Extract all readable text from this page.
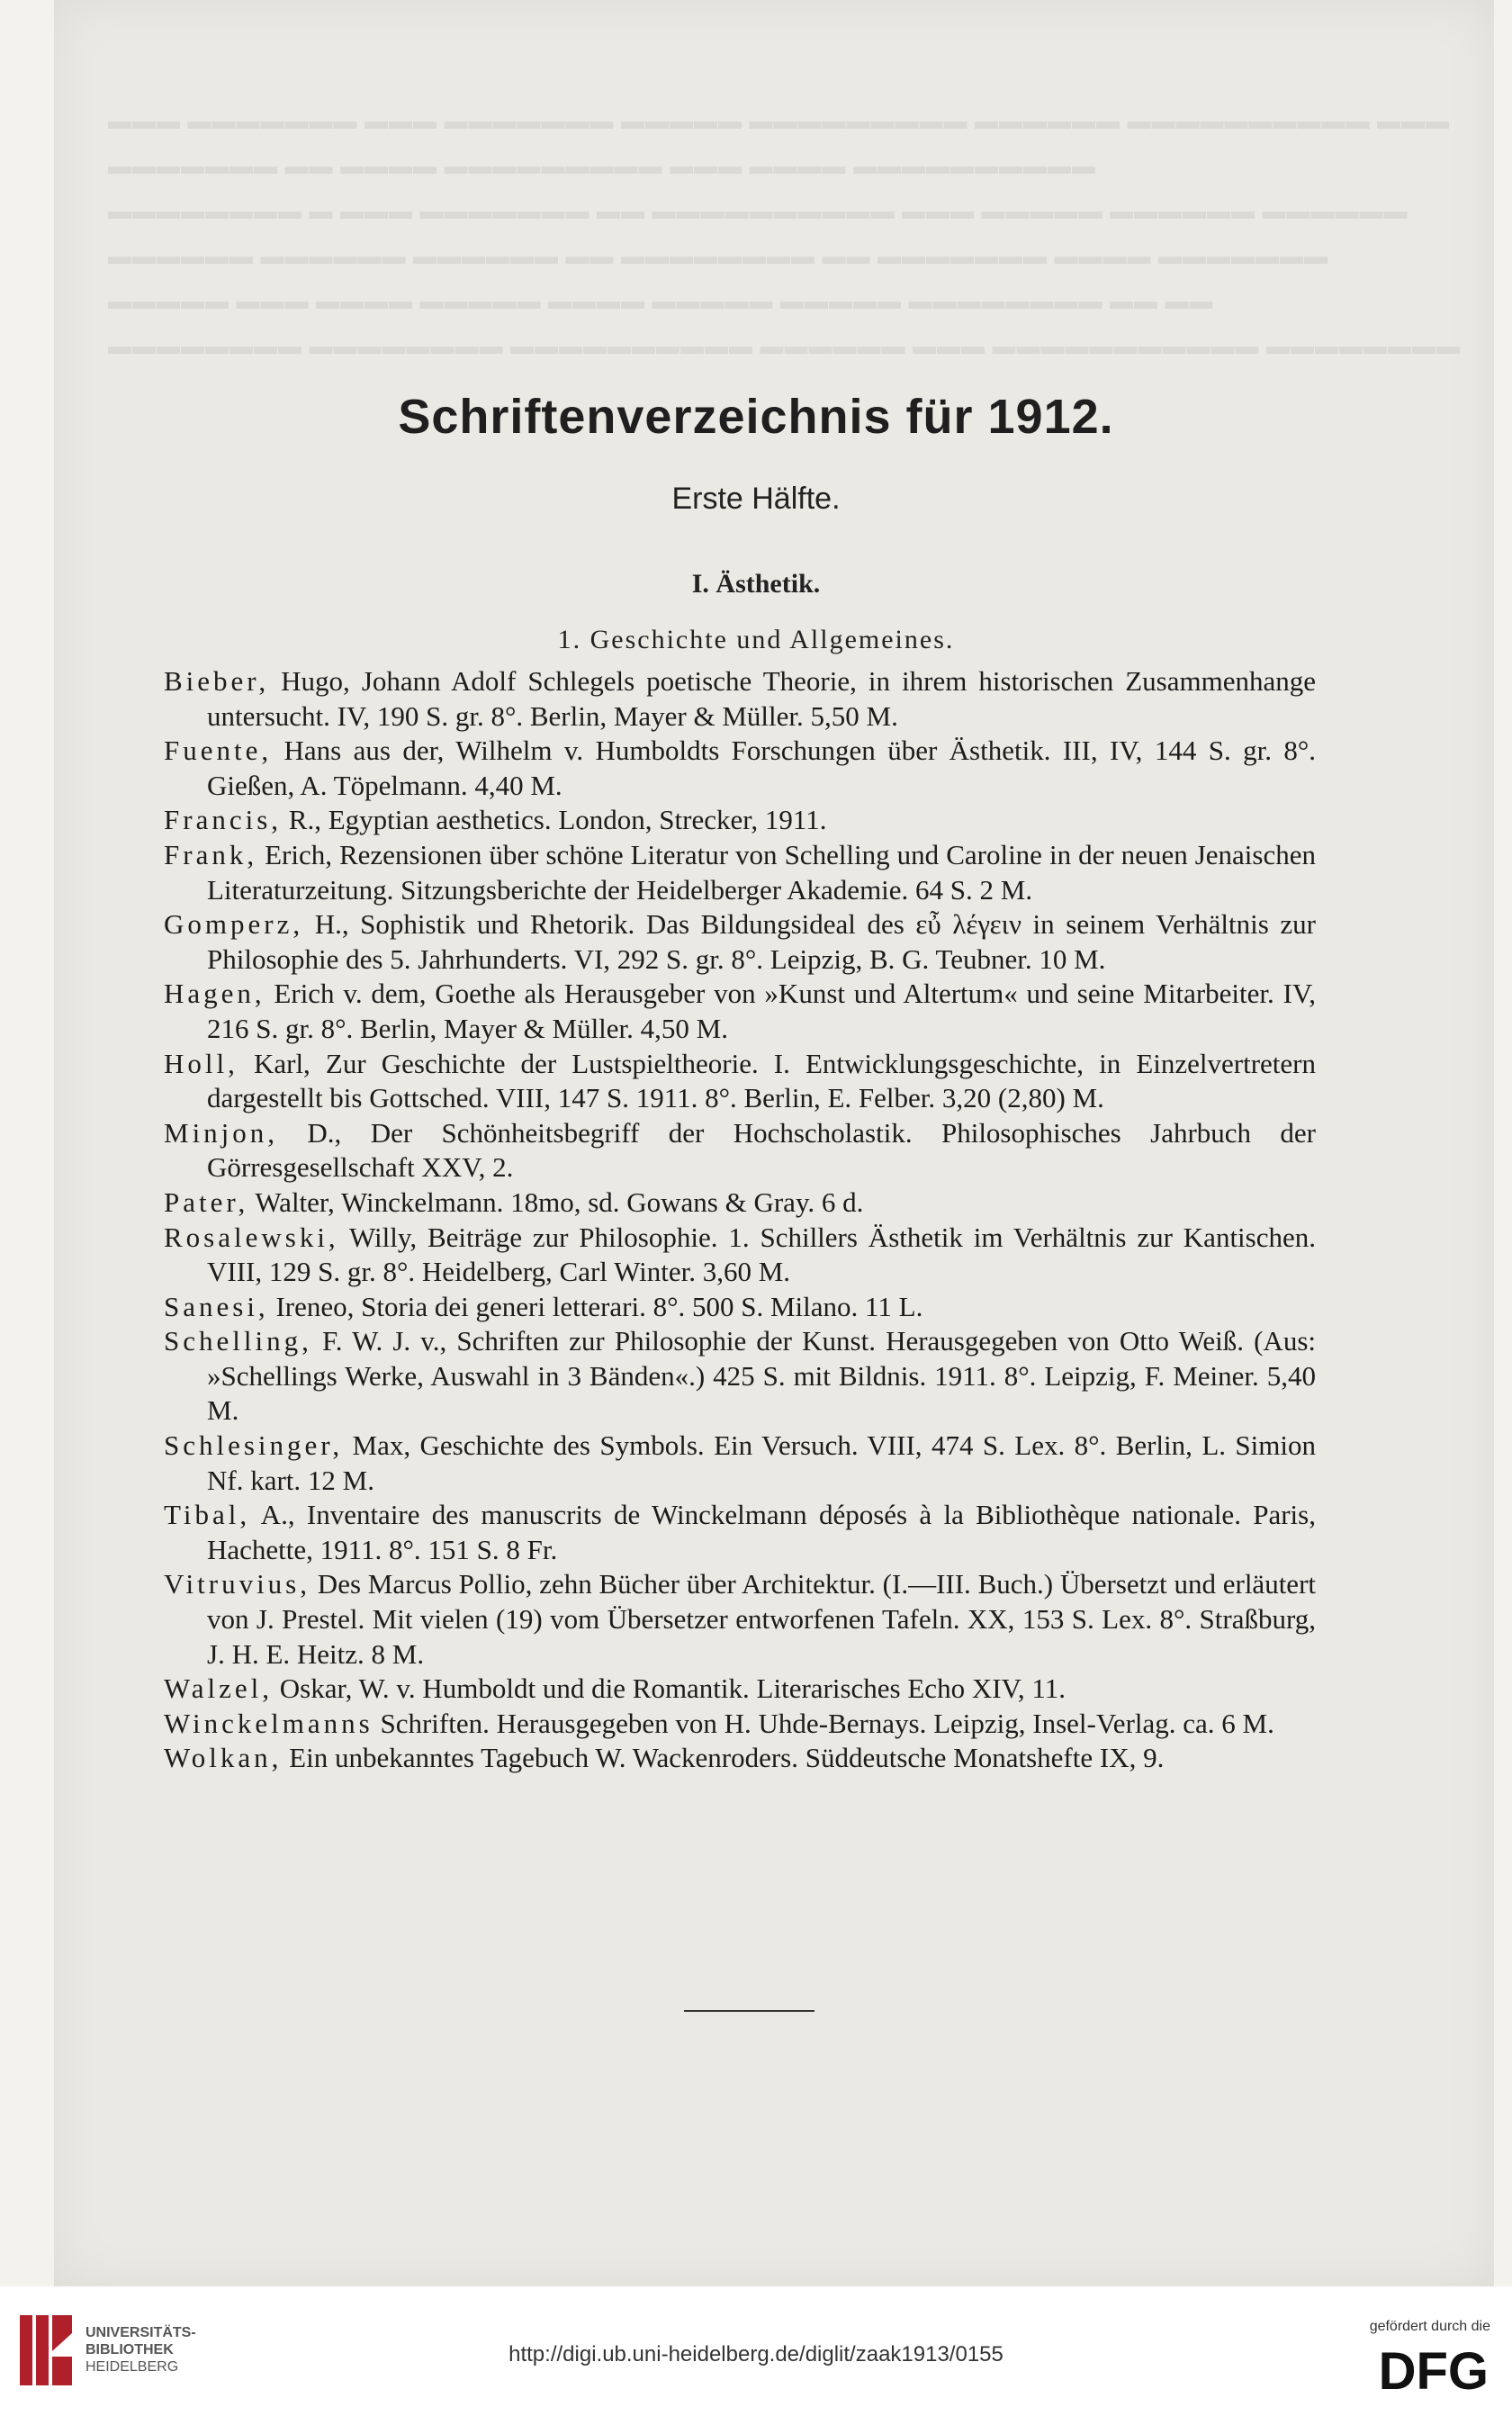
▬▬▬ ▬▬▬▬▬▬▬ ▬▬▬ ▬▬▬▬▬▬▬ ▬▬▬▬▬ ▬▬▬▬▬▬▬▬▬ ▬▬▬▬▬▬ ▬▬▬▬▬▬▬▬▬▬ ▬▬▬
▬▬▬▬▬▬▬ ▬▬ ▬▬▬▬ ▬▬▬▬▬▬▬▬▬ ▬▬▬ ▬▬▬▬ ▬▬▬▬▬▬▬▬▬▬
▬▬▬▬▬▬▬▬ ▬ ▬▬▬ ▬▬▬▬▬▬▬ ▬▬ ▬▬▬▬▬▬▬▬▬▬ ▬▬▬ ▬▬▬▬▬ ▬▬▬▬▬▬ ▬▬▬▬▬▬
▬▬▬▬▬▬ ▬▬▬▬▬▬ ▬▬▬▬▬▬ ▬▬ ▬▬▬▬▬▬▬▬ ▬▬ ▬▬▬▬▬▬▬ ▬▬▬▬ ▬▬▬▬▬▬▬
▬▬▬▬▬ ▬▬▬ ▬▬▬▬ ▬▬▬▬▬ ▬▬▬▬ ▬▬▬▬▬ ▬▬▬▬▬ ▬▬▬▬▬▬▬▬ ▬▬ ▬▬
▬▬▬▬▬▬▬▬ ▬▬▬▬▬▬▬▬ ▬▬▬▬▬▬▬▬▬▬ ▬▬▬▬▬▬ ▬▬▬ ▬▬▬▬▬▬▬▬▬▬▬ ▬▬▬▬▬▬▬▬
Schriftenverzeichnis für 1912.
Erste Hälfte.
I. Ästhetik.
1. Geschichte und Allgemeines.
Bieber, Hugo, Johann Adolf Schlegels poetische Theorie, in ihrem historischen Zusammenhange untersucht. IV, 190 S. gr. 8°. Berlin, Mayer & Müller. 5,50 M.
Fuente, Hans aus der, Wilhelm v. Humboldts Forschungen über Ästhetik. III, IV, 144 S. gr. 8°. Gießen, A. Töpelmann. 4,40 M.
Francis, R., Egyptian aesthetics. London, Strecker, 1911.
Frank, Erich, Rezensionen über schöne Literatur von Schelling und Caroline in der neuen Jenaischen Literaturzeitung. Sitzungsberichte der Heidelberger Akademie. 64 S. 2 M.
Gomperz, H., Sophistik und Rhetorik. Das Bildungsideal des εὖ λέγειν in seinem Verhältnis zur Philosophie des 5. Jahrhunderts. VI, 292 S. gr. 8°. Leipzig, B. G. Teubner. 10 M.
Hagen, Erich v. dem, Goethe als Herausgeber von »Kunst und Altertum« und seine Mitarbeiter. IV, 216 S. gr. 8°. Berlin, Mayer & Müller. 4,50 M.
Holl, Karl, Zur Geschichte der Lustspieltheorie. I. Entwicklungsgeschichte, in Einzelvertretern dargestellt bis Gottsched. VIII, 147 S. 1911. 8°. Berlin, E. Felber. 3,20 (2,80) M.
Minjon, D., Der Schönheitsbegriff der Hochscholastik. Philosophisches Jahrbuch der Görresgesellschaft XXV, 2.
Pater, Walter, Winckelmann. 18mo, sd. Gowans & Gray. 6 d.
Rosalewski, Willy, Beiträge zur Philosophie. 1. Schillers Ästhetik im Verhältnis zur Kantischen. VIII, 129 S. gr. 8°. Heidelberg, Carl Winter. 3,60 M.
Sanesi, Ireneo, Storia dei generi letterari. 8°. 500 S. Milano. 11 L.
Schelling, F. W. J. v., Schriften zur Philosophie der Kunst. Herausgegeben von Otto Weiß. (Aus: »Schellings Werke, Auswahl in 3 Bänden«.) 425 S. mit Bildnis. 1911. 8°. Leipzig, F. Meiner. 5,40 M.
Schlesinger, Max, Geschichte des Symbols. Ein Versuch. VIII, 474 S. Lex. 8°. Berlin, L. Simion Nf. kart. 12 M.
Tibal, A., Inventaire des manuscrits de Winckelmann déposés à la Bibliothèque nationale. Paris, Hachette, 1911. 8°. 151 S. 8 Fr.
Vitruvius, Des Marcus Pollio, zehn Bücher über Architektur. (I.—III. Buch.) Übersetzt und erläutert von J. Prestel. Mit vielen (19) vom Übersetzer entworfenen Tafeln. XX, 153 S. Lex. 8°. Straßburg, J. H. E. Heitz. 8 M.
Walzel, Oskar, W. v. Humboldt und die Romantik. Literarisches Echo XIV, 11.
Winckelmanns Schriften. Herausgegeben von H. Uhde-Bernays. Leipzig, Insel-Verlag. ca. 6 M.
Wolkan, Ein unbekanntes Tagebuch W. Wackenroders. Süddeutsche Monatshefte IX, 9.
UNIVERSITÄTS-
BIBLIOTHEK
HEIDELBERG
http://digi.ub.uni-heidelberg.de/diglit/zaak1913/0155
gefördert durch die
DFG
